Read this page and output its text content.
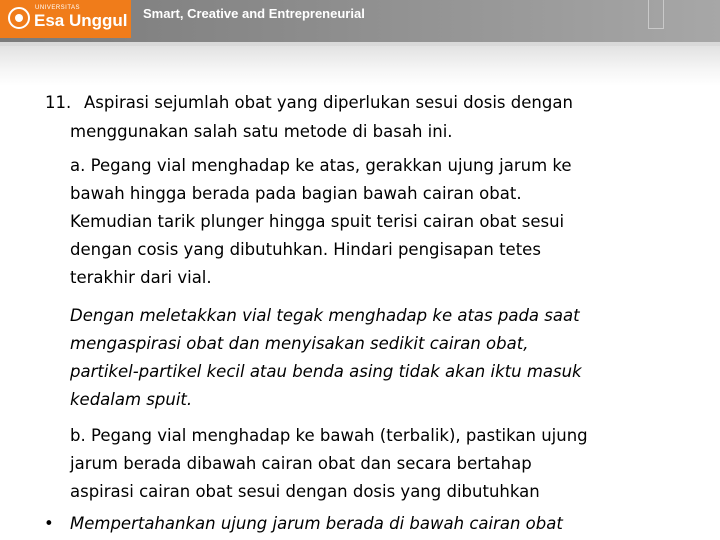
UNIVERSITAS
Esa Unggul Smart, Creative and Entrepreneurial
11. Aspirasi sejumlah obat yang diperlukan sesui dosis dengan
menggunakan salah satu metode di basah ini.
a. Pegang vial menghadap ke atas, gerakkan ujung jarum ke
bawah hingga berada pada bagian bawah cairan obat.
Kemudian tarik plunger hingga spuit terisi cairan obat sesui
dengan cosis yang dibutuhkan. Hindari pengisapan tetes
terakhir dari vial.
Dengan meletakkan vial tegak menghadap ke atas pada saat
mengaspirasi obat dan menyisakan sedikit cairan obat,
partikel-partikel kecil atau benda asing tidak akan iktu masuk
kedalam spuit.
b. Pegang vial menghadap ke bawah (terbalik), pastikan ujung
jarum berada dibawah cairan obat dan secara bertahap
aspirasi cairan obat sesui dengan dosis yang dibutuhkan
• Mempertahankan ujung jarum berada di bawah cairan obat
